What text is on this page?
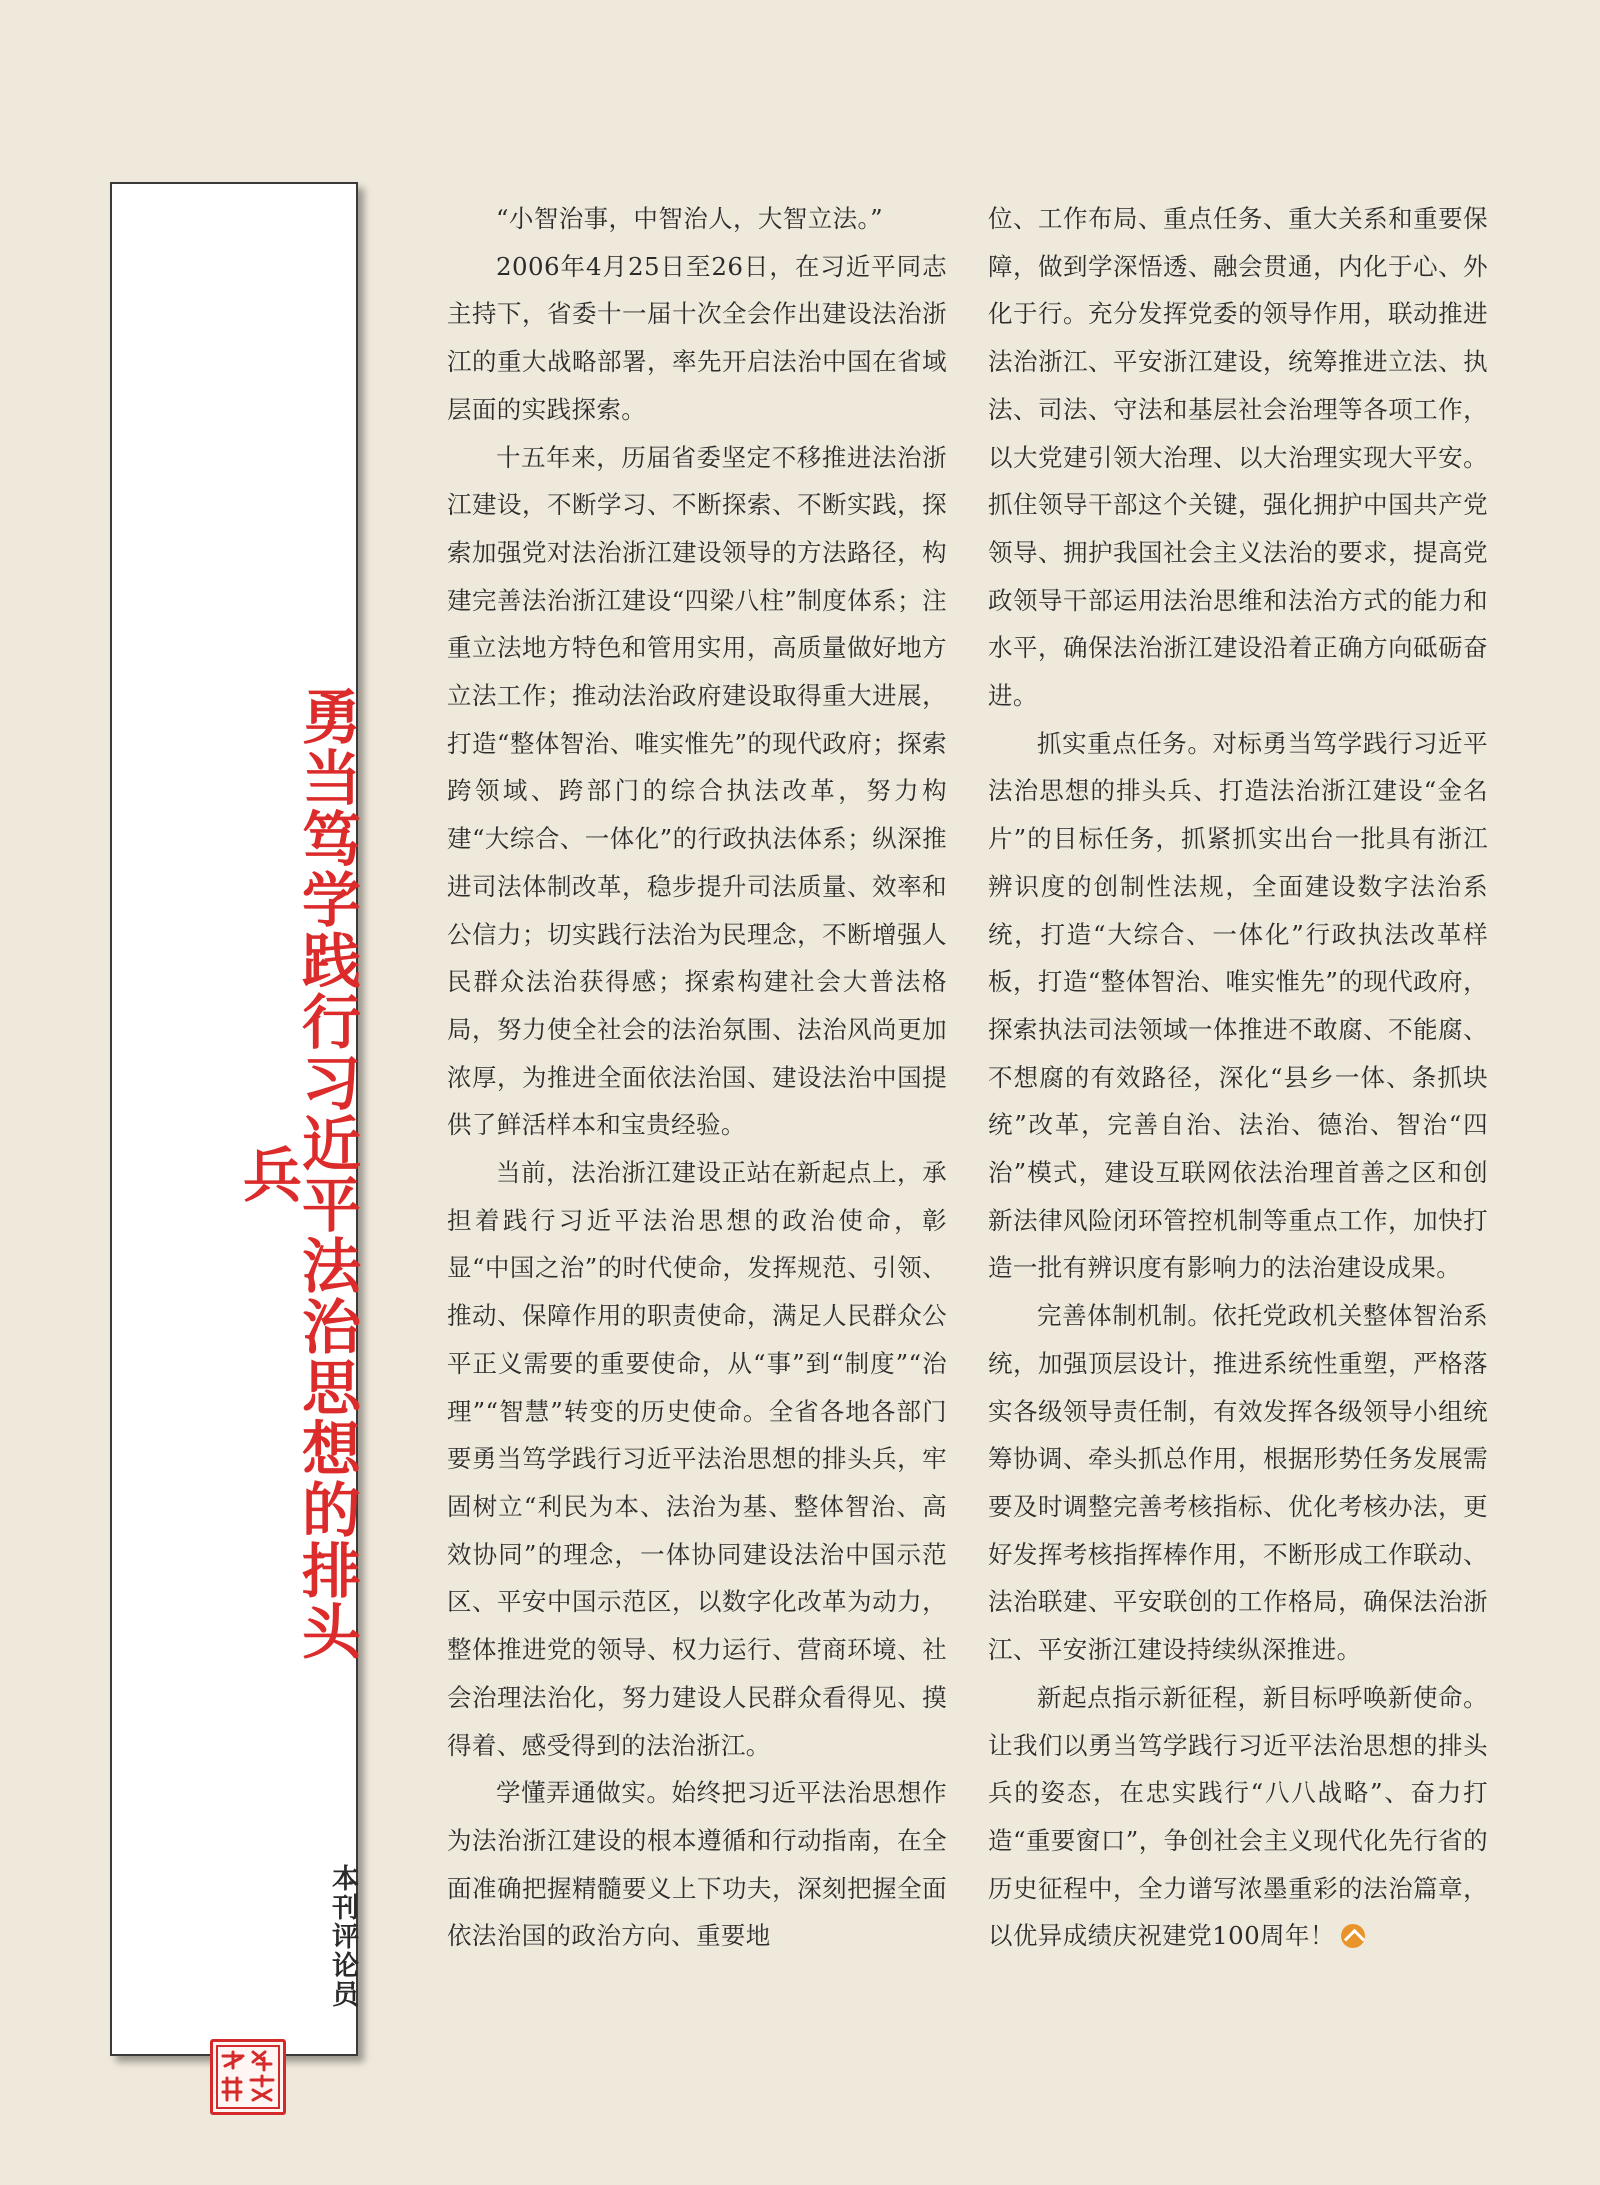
勇当笃学践行习近平法治思想的排头兵
本刊评论员

“小智治事，中智治人，大智立法。”

2006年4月25日至26日，在习近平同志主持下，省委十一届十次全会作出建设法治浙江的重大战略部署，率先开启法治中国在省域层面的实践探索。

十五年来，历届省委坚定不移推进法治浙江建设，不断学习、不断探索、不断实践，探索加强党对法治浙江建设领导的方法路径，构建完善法治浙江建设“四梁八柱”制度体系；注重立法地方特色和管用实用，高质量做好地方立法工作；推动法治政府建设取得重大进展，打造“整体智治、唯实惟先”的现代政府；探索跨领域、跨部门的综合执法改革，努力构建“大综合、一体化”的行政执法体系；纵深推进司法体制改革，稳步提升司法质量、效率和公信力；切实践行法治为民理念，不断增强人民群众法治获得感；探索构建社会大普法格局，努力使全社会的法治氛围、法治风尚更加浓厚，为推进全面依法治国、建设法治中国提供了鲜活样本和宝贵经验。

当前，法治浙江建设正站在新起点上，承担着践行习近平法治思想的政治使命，彰显“中国之治”的时代使命，发挥规范、引领、推动、保障作用的职责使命，满足人民群众公平正义需要的重要使命，从“事”到“制度”“治理”“智慧”转变的历史使命。全省各地各部门要勇当笃学践行习近平法治思想的排头兵，牢固树立“利民为本、法治为基、整体智治、高效协同”的理念，一体协同建设法治中国示范区、平安中国示范区，以数字化改革为动力，整体推进党的领导、权力运行、营商环境、社会治理法治化，努力建设人民群众看得见、摸得着、感受得到的法治浙江。

学懂弄通做实。始终把习近平法治思想作为法治浙江建设的根本遵循和行动指南，在全面准确把握精髓要义上下功夫，深刻把握全面依法治国的政治方向、重要地

位、工作布局、重点任务、重大关系和重要保障，做到学深悟透、融会贯通，内化于心、外化于行。充分发挥党委的领导作用，联动推进法治浙江、平安浙江建设，统筹推进立法、执法、司法、守法和基层社会治理等各项工作，以大党建引领大治理、以大治理实现大平安。抓住领导干部这个关键，强化拥护中国共产党领导、拥护我国社会主义法治的要求，提高党政领导干部运用法治思维和法治方式的能力和水平，确保法治浙江建设沿着正确方向砥砺奋进。

抓实重点任务。对标勇当笃学践行习近平法治思想的排头兵、打造法治浙江建设“金名片”的目标任务，抓紧抓实出台一批具有浙江辨识度的创制性法规，全面建设数字法治系统，打造“大综合、一体化”行政执法改革样板，打造“整体智治、唯实惟先”的现代政府，探索执法司法领域一体推进不敢腐、不能腐、不想腐的有效路径，深化“县乡一体、条抓块统”改革，完善自治、法治、德治、智治“四治”模式，建设互联网依法治理首善之区和创新法律风险闭环管控机制等重点工作，加快打造一批有辨识度有影响力的法治建设成果。

完善体制机制。依托党政机关整体智治系统，加强顶层设计，推进系统性重塑，严格落实各级领导责任制，有效发挥各级领导小组统筹协调、牵头抓总作用，根据形势任务发展需要及时调整完善考核指标、优化考核办法，更好发挥考核指挥棒作用，不断形成工作联动、法治联建、平安联创的工作格局，确保法治浙江、平安浙江建设持续纵深推进。

新起点指示新征程，新目标呼唤新使命。让我们以勇当笃学践行习近平法治思想的排头兵的姿态，在忠实践行“八八战略”、奋力打造“重要窗口”，争创社会主义现代化先行省的历史征程中，全力谱写浓墨重彩的法治篇章，以优异成绩庆祝建党100周年！
